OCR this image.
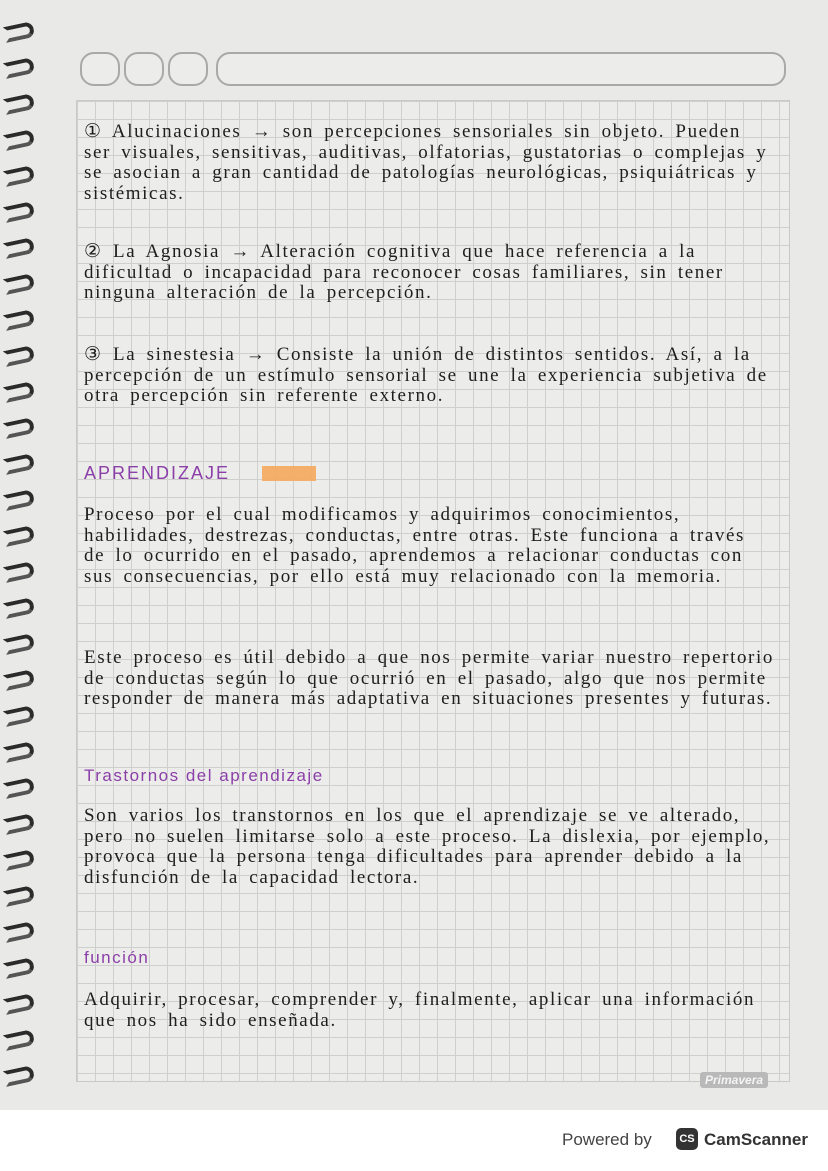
① Alucinaciones → son percepciones sensoriales sin objeto. Pueden ser visuales, sensitivas, auditivas, olfatorias, gustatorias o complejas y se asocian a gran cantidad de patologías neurológicas, psiquiátricas y sistémicas.
② La Agnosia → Alteración cognitiva que hace referencia a la dificultad o incapacidad para reconocer cosas familiares, sin tener ninguna alteración de la percepción.
③ La sinestesia → Consiste la unión de distintos sentidos. Así, a la percepción de un estímulo sensorial se une la experiencia subjetiva de otra percepción sin referente externo.
APRENDIZAJE
Proceso por el cual modificamos y adquirimos conocimientos, habilidades, destrezas, conductas, entre otras. Este funciona a través de lo ocurrido en el pasado, aprendemos a relacionar conductas con sus consecuencias, por ello está muy relacionado con la memoria.
Este proceso es útil debido a que nos permite variar nuestro repertorio de conductas según lo que ocurrió en el pasado, algo que nos permite responder de manera más adaptativa en situaciones presentes y futuras.
Trastornos del aprendizaje
Son varios los transtornos en los que el aprendizaje se ve alterado, pero no suelen limitarse solo a este proceso. La dislexia, por ejemplo, provoca que la persona tenga dificultades para aprender debido a la disfunción de la capacidad lectora.
función
Adquirir, procesar, comprender y, finalmente, aplicar una información que nos ha sido enseñada.
Primavera
Powered by	CS CamScanner
